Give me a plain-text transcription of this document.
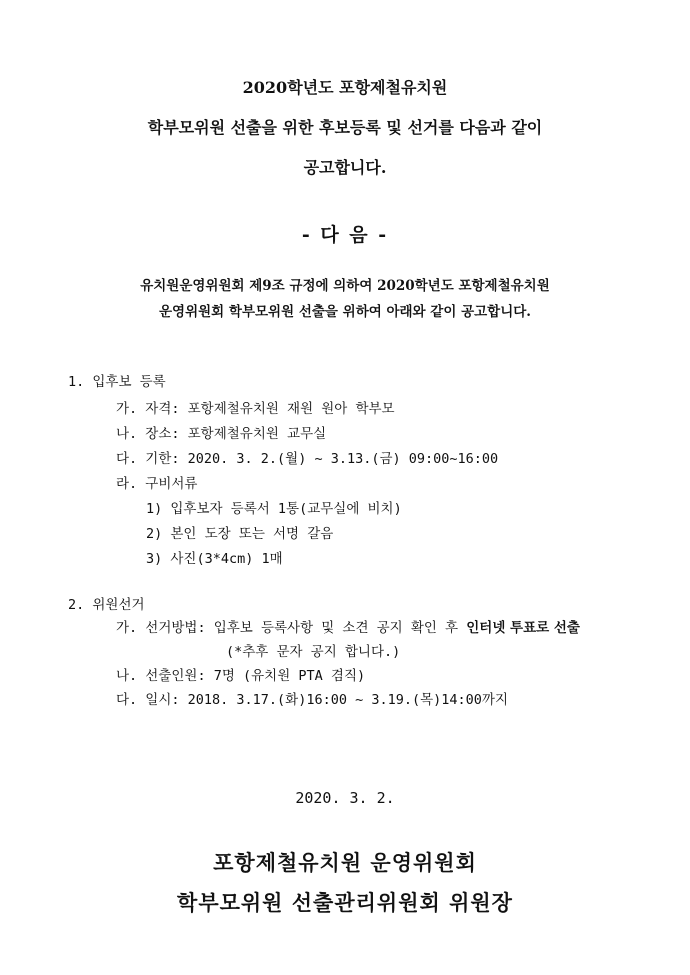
2020학년도 포항제철유치원
학부모위원 선출을 위한 후보등록 및 선거를 다음과 같이
공고합니다.
- 다 음 -
유치원운영위원회 제9조 규정에 의하여 2020학년도 포항제철유치원
운영위원회 학부모위원 선출을 위하여 아래와 같이 공고합니다.
1. 입후보 등록
가. 자격: 포항제철유치원 재원 원아 학부모
나. 장소: 포항제철유치원 교무실
다. 기한: 2020. 3. 2.(월) ~ 3.13.(금) 09:00~16:00
라. 구비서류
1) 입후보자 등록서 1통(교무실에 비치)
2) 본인 도장 또는 서명 갈음
3) 사진(3*4cm) 1매
2. 위원선거
가. 선거방법: 입후보 등록사항 및 소견 공지 확인 후 인터넷 투표로 선출
(*추후 문자 공지 합니다.)
나. 선출인원: 7명 (유치원 PTA 겸직)
다. 일시: 2018. 3.17.(화)16:00 ~ 3.19.(목)14:00까지
2020. 3. 2.
포항제철유치원 운영위원회
학부모위원 선출관리위원회 위원장
